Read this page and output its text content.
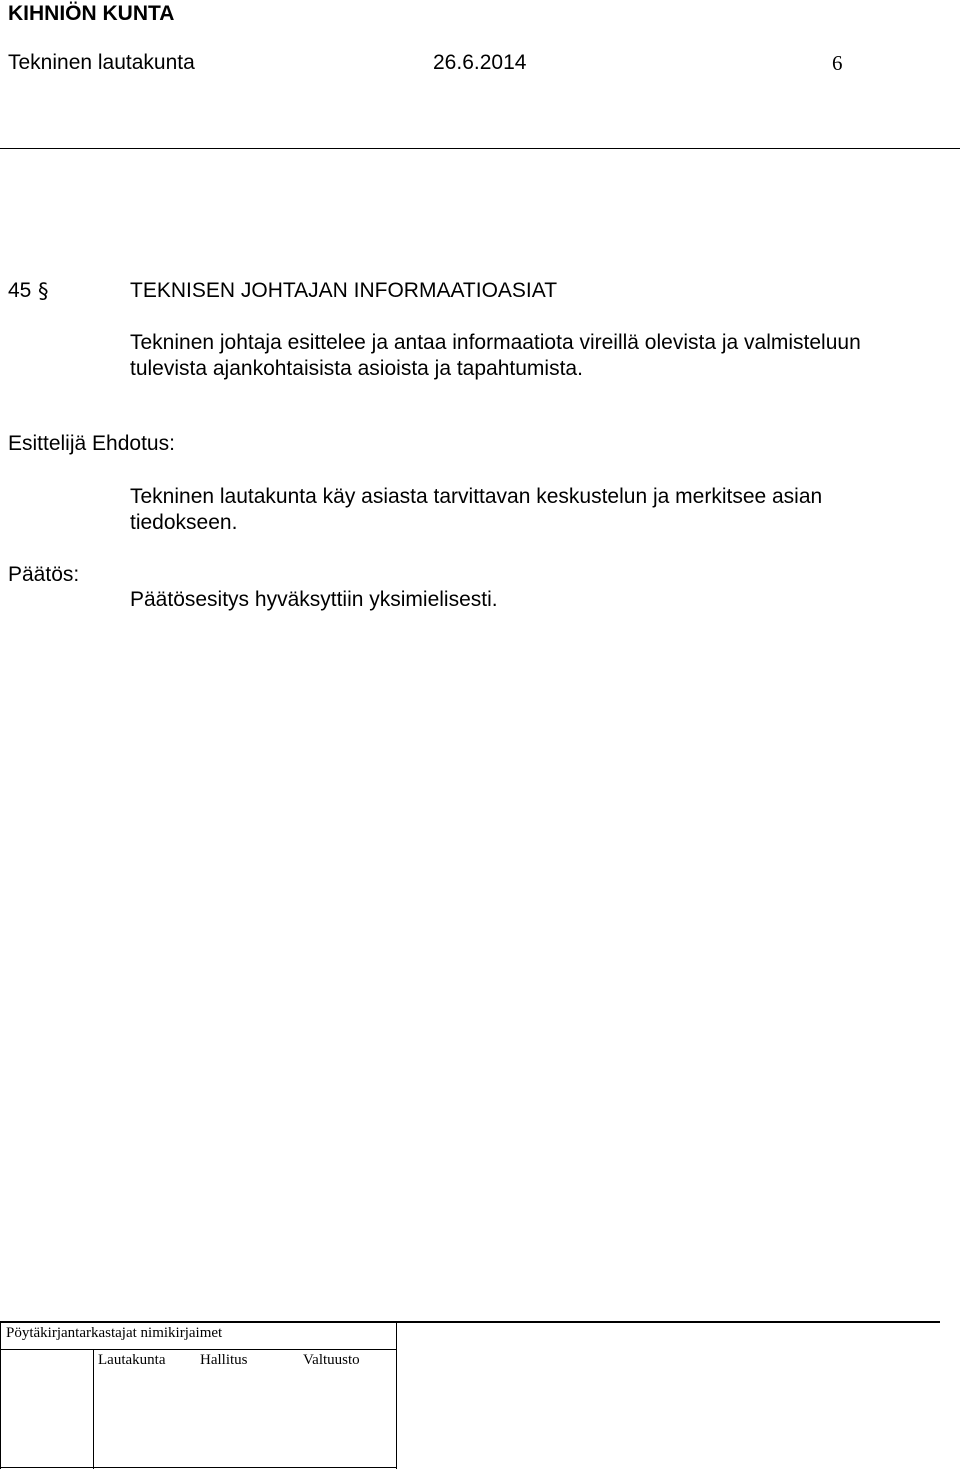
KIHNIÖN KUNTA
Tekninen lautakunta	26.6.2014	6
45 §	TEKNISEN JOHTAJAN INFORMAATIOASIAT
Tekninen johtaja esittelee ja antaa informaatiota vireillä olevista ja valmisteluun
tulevista ajankohtaisista asioista ja tapahtumista.
Esittelijä Ehdotus:
Tekninen lautakunta käy asiasta tarvittavan keskustelun ja merkitsee asian
tiedokseen.
Päätös:
Päätösesitys hyväksyttiin yksimielisesti.
Pöytäkirjantarkastajat nimikirjaimet
Lautakunta Hallitus	Valtuusto
